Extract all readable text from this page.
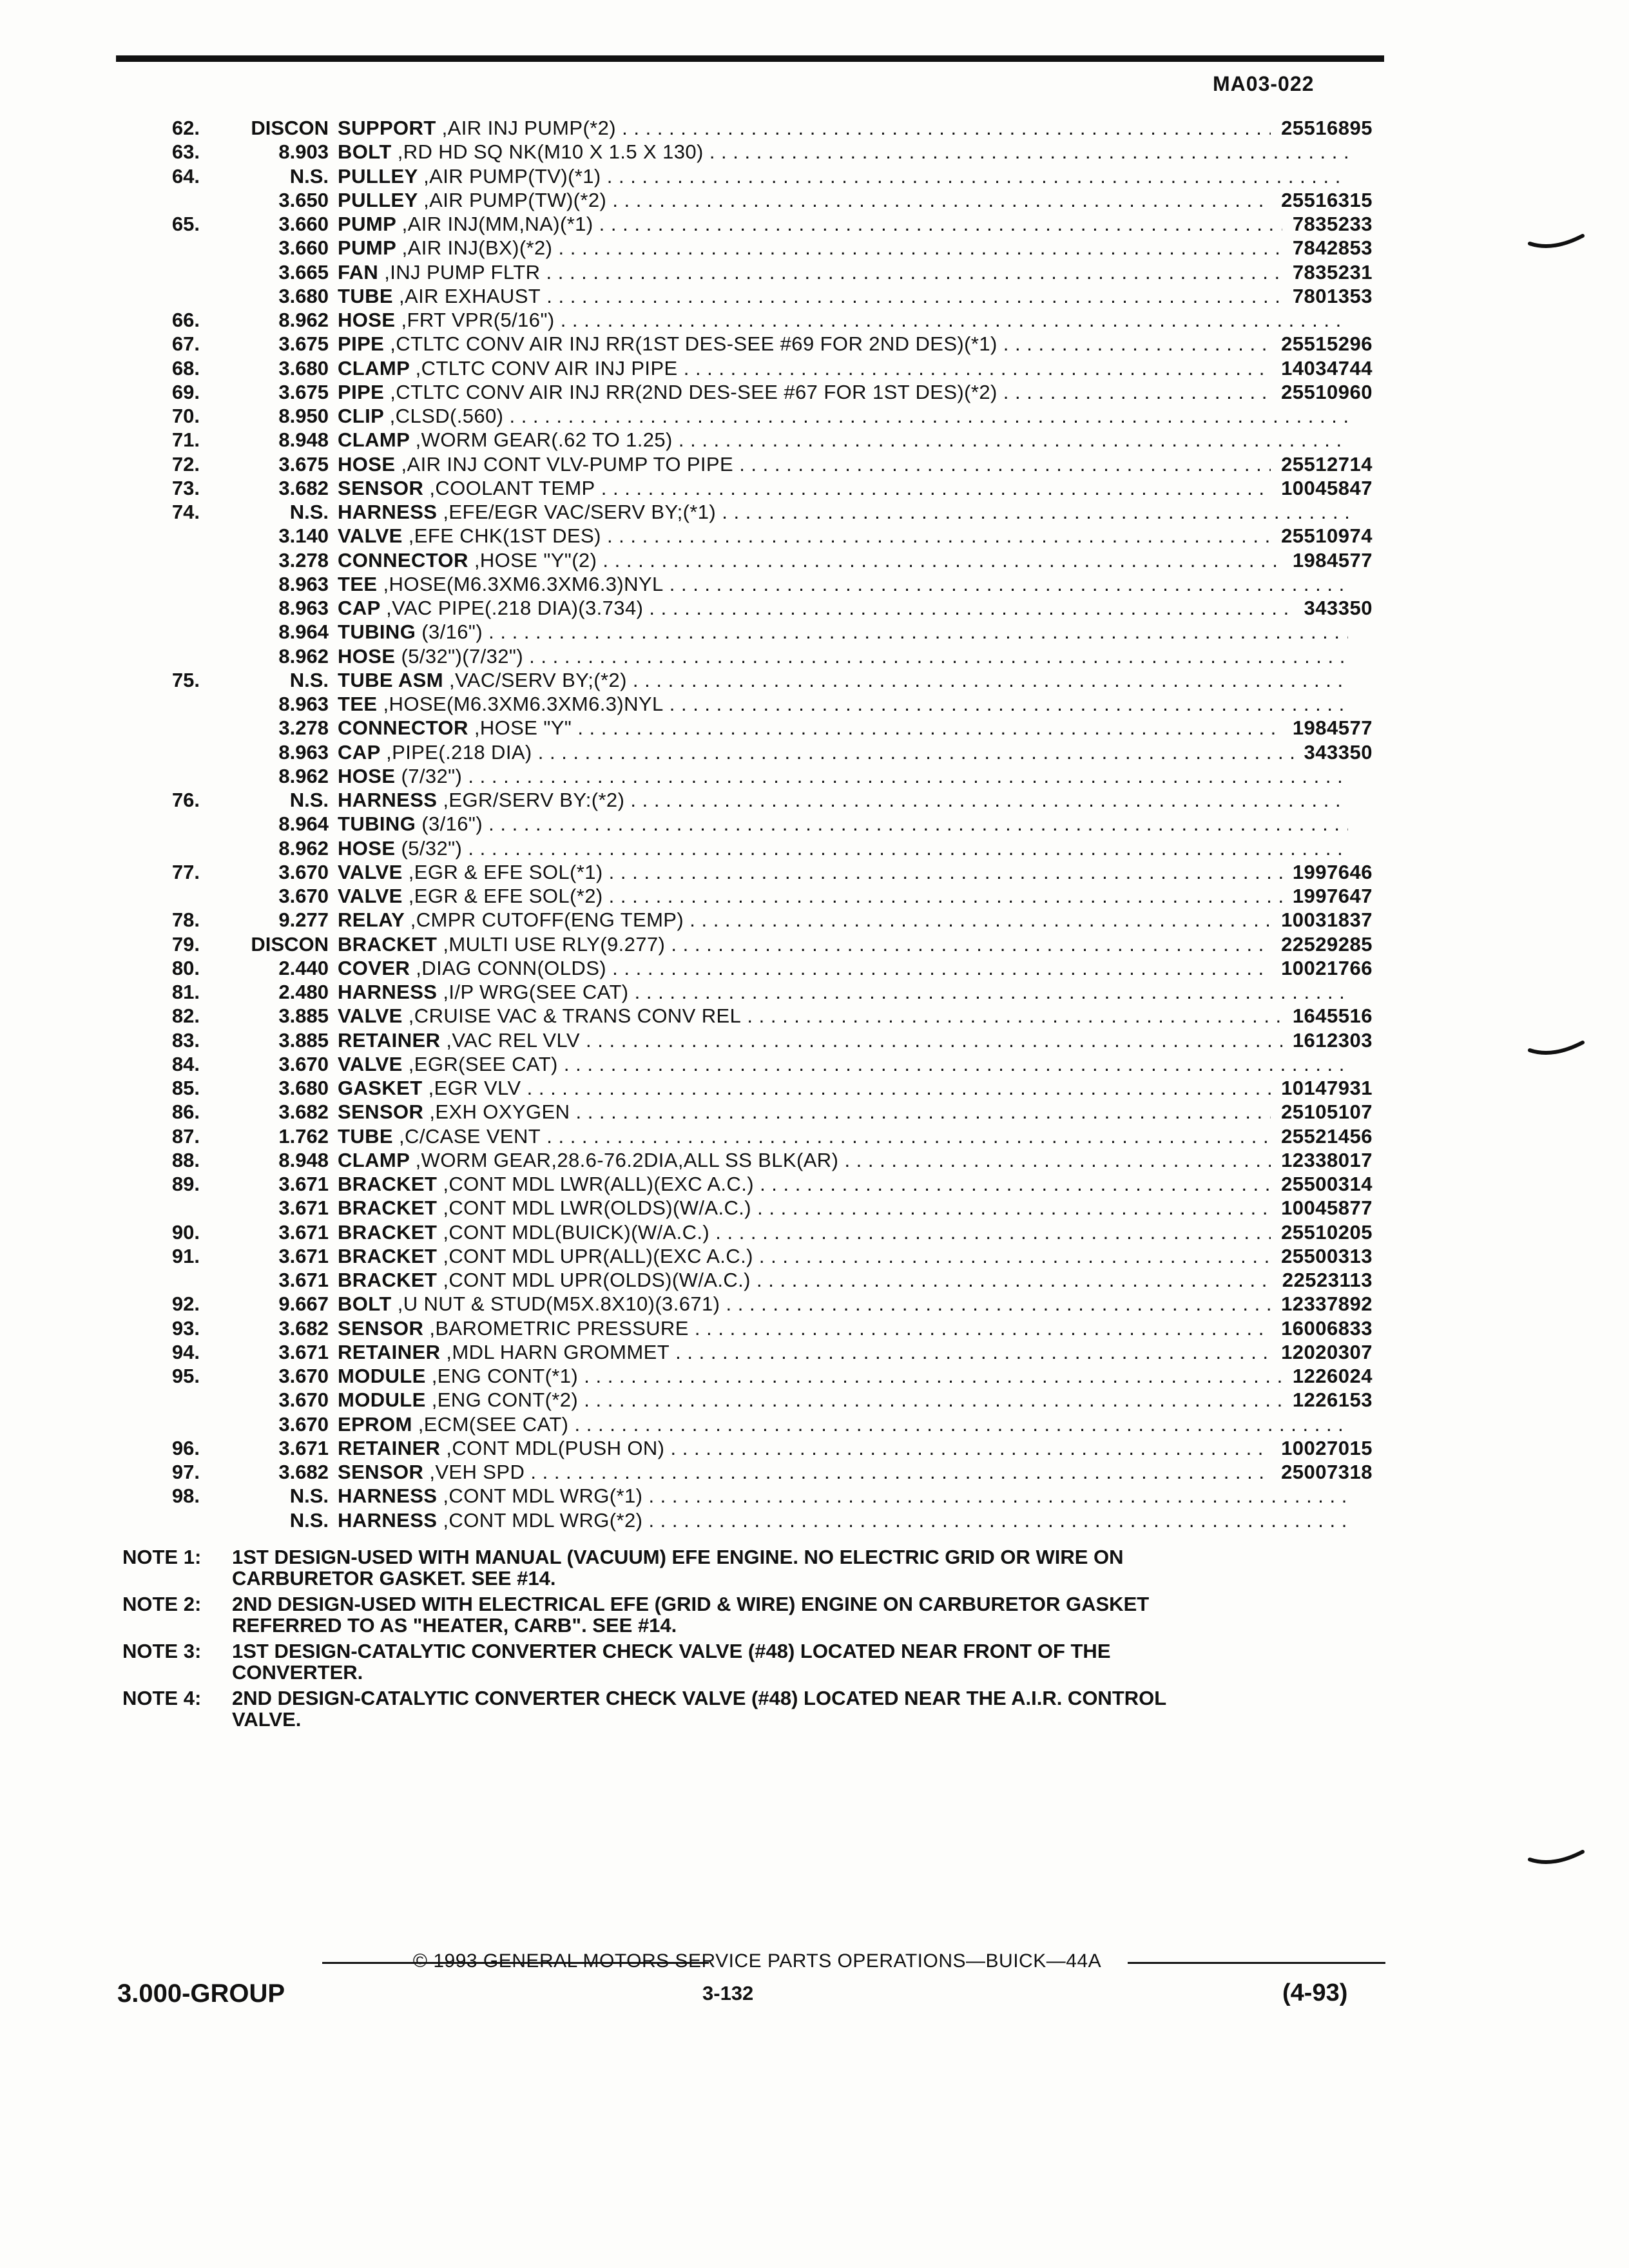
MA03-022
62.	DISCON SUPPORT ,AIR INJ PUMP(*2) . . .	25516895
63.	8.903 BOLT ,RD HD SQ NK(M10 X 1.5 X 130) . . .
64.	N.S. PULLEY ,AIR PUMP(TV)(*1) . . .
3.650 PULLEY ,AIR PUMP(TW)(*2) . . .	25516315
65.	3.660 PUMP ,AIR INJ(MM,NA)(*1) . . .	7835233
3.660 PUMP ,AIR INJ(BX)(*2) . . .	7842853
3.665 FAN ,INJ PUMP FLTR . . .	7835231
3.680 TUBE ,AIR EXHAUST . . .	7801353
66.	8.962 HOSE ,FRT VPR(5/16") . . .
67.	3.675 PIPE ,CTLTC CONV AIR INJ RR(1ST DES-SEE #69 FOR 2ND DES)(*1) . . .	25515296
68.	3.680 CLAMP ,CTLTC CONV AIR INJ PIPE . . .	14034744
69.	3.675 PIPE ,CTLTC CONV AIR INJ RR(2ND DES-SEE #67 FOR 1ST DES)(*2) . . .	25510960
70.	8.950 CLIP ,CLSD(.560) . . .
71.	8.948 CLAMP ,WORM GEAR(.62 TO 1.25) . . .
72.	3.675 HOSE ,AIR INJ CONT VLV-PUMP TO PIPE . . .	25512714
73.	3.682 SENSOR ,COOLANT TEMP . . .	10045847
74.	N.S. HARNESS ,EFE/EGR VAC/SERV BY;(*1) . . .
3.140 VALVE ,EFE CHK(1ST DES) . . .	25510974
3.278 CONNECTOR ,HOSE "Y"(2) . . .	1984577
8.963 TEE ,HOSE(M6.3XM6.3XM6.3)NYL . . .
8.963 CAP ,VAC PIPE(.218 DIA)(3.734) . . .	343350
8.964 TUBING (3/16") . . .
8.962 HOSE (5/32")(7/32") . . .
75.	N.S. TUBE ASM ,VAC/SERV BY;(*2) . . .
8.963 TEE ,HOSE(M6.3XM6.3XM6.3)NYL . . .
3.278 CONNECTOR ,HOSE "Y" . . .	1984577
8.963 CAP ,PIPE(.218 DIA) . . .	343350
8.962 HOSE (7/32") . . .
76.	N.S. HARNESS ,EGR/SERV BY:(*2) . . .
8.964 TUBING (3/16") . . .
8.962 HOSE (5/32") . . .
77.	3.670 VALVE ,EGR & EFE SOL(*1) . . .	1997646
3.670 VALVE ,EGR & EFE SOL(*2) . . .	1997647
78.	9.277 RELAY ,CMPR CUTOFF(ENG TEMP) . . .	10031837
79.	DISCON BRACKET ,MULTI USE RLY(9.277) . . .	22529285
80.	2.440 COVER ,DIAG CONN(OLDS) . . .	10021766
81.	2.480 HARNESS ,I/P WRG(SEE CAT) . . .
82.	3.885 VALVE ,CRUISE VAC & TRANS CONV REL . . .	1645516
83.	3.885 RETAINER ,VAC REL VLV . . .	1612303
84.	3.670 VALVE ,EGR(SEE CAT) . . .
85.	3.680 GASKET ,EGR VLV . . .	10147931
86.	3.682 SENSOR ,EXH OXYGEN . . .	25105107
87.	1.762 TUBE ,C/CASE VENT . . .	25521456
88.	8.948 CLAMP ,WORM GEAR,28.6-76.2DIA,ALL SS BLK(AR) . . .	12338017
89.	3.671 BRACKET ,CONT MDL LWR(ALL)(EXC A.C.) . . .	25500314
3.671 BRACKET ,CONT MDL LWR(OLDS)(W/A.C.) . . .	10045877
90.	3.671 BRACKET ,CONT MDL(BUICK)(W/A.C.) . . .	25510205
91.	3.671 BRACKET ,CONT MDL UPR(ALL)(EXC A.C.) . . .	25500313
3.671 BRACKET ,CONT MDL UPR(OLDS)(W/A.C.) . . .	22523113
92.	9.667 BOLT ,U NUT & STUD(M5X.8X10)(3.671) . . .	12337892
93.	3.682 SENSOR ,BAROMETRIC PRESSURE . . .	16006833
94.	3.671 RETAINER ,MDL HARN GROMMET . . .	12020307
95.	3.670 MODULE ,ENG CONT(*1) . . .	1226024
3.670 MODULE ,ENG CONT(*2) . . .	1226153
3.670 EPROM ,ECM(SEE CAT) . . .
96.	3.671 RETAINER ,CONT MDL(PUSH ON) . . .	10027015
97.	3.682 SENSOR ,VEH SPD . . .	25007318
98.	N.S. HARNESS ,CONT MDL WRG(*1) . . .
N.S. HARNESS ,CONT MDL WRG(*2) . . .
NOTE 1:	1ST DESIGN-USED WITH MANUAL (VACUUM) EFE ENGINE. NO ELECTRIC GRID OR WIRE ON
CARBURETOR GASKET. SEE #14.
NOTE 2:	2ND DESIGN-USED WITH ELECTRICAL EFE (GRID & WIRE) ENGINE ON CARBURETOR GASKET
REFERRED TO AS "HEATER, CARB". SEE #14.
NOTE 3:	1ST DESIGN-CATALYTIC CONVERTER CHECK VALVE (#48) LOCATED NEAR FRONT OF THE
CONVERTER.
NOTE 4:	2ND DESIGN-CATALYTIC CONVERTER CHECK VALVE (#48) LOCATED NEAR THE A.I.R. CONTROL
VALVE.
© 1993 GENERAL MOTORS SERVICE PARTS OPERATIONS—BUICK—44A
3.000-GROUP	3-132	(4-93)
